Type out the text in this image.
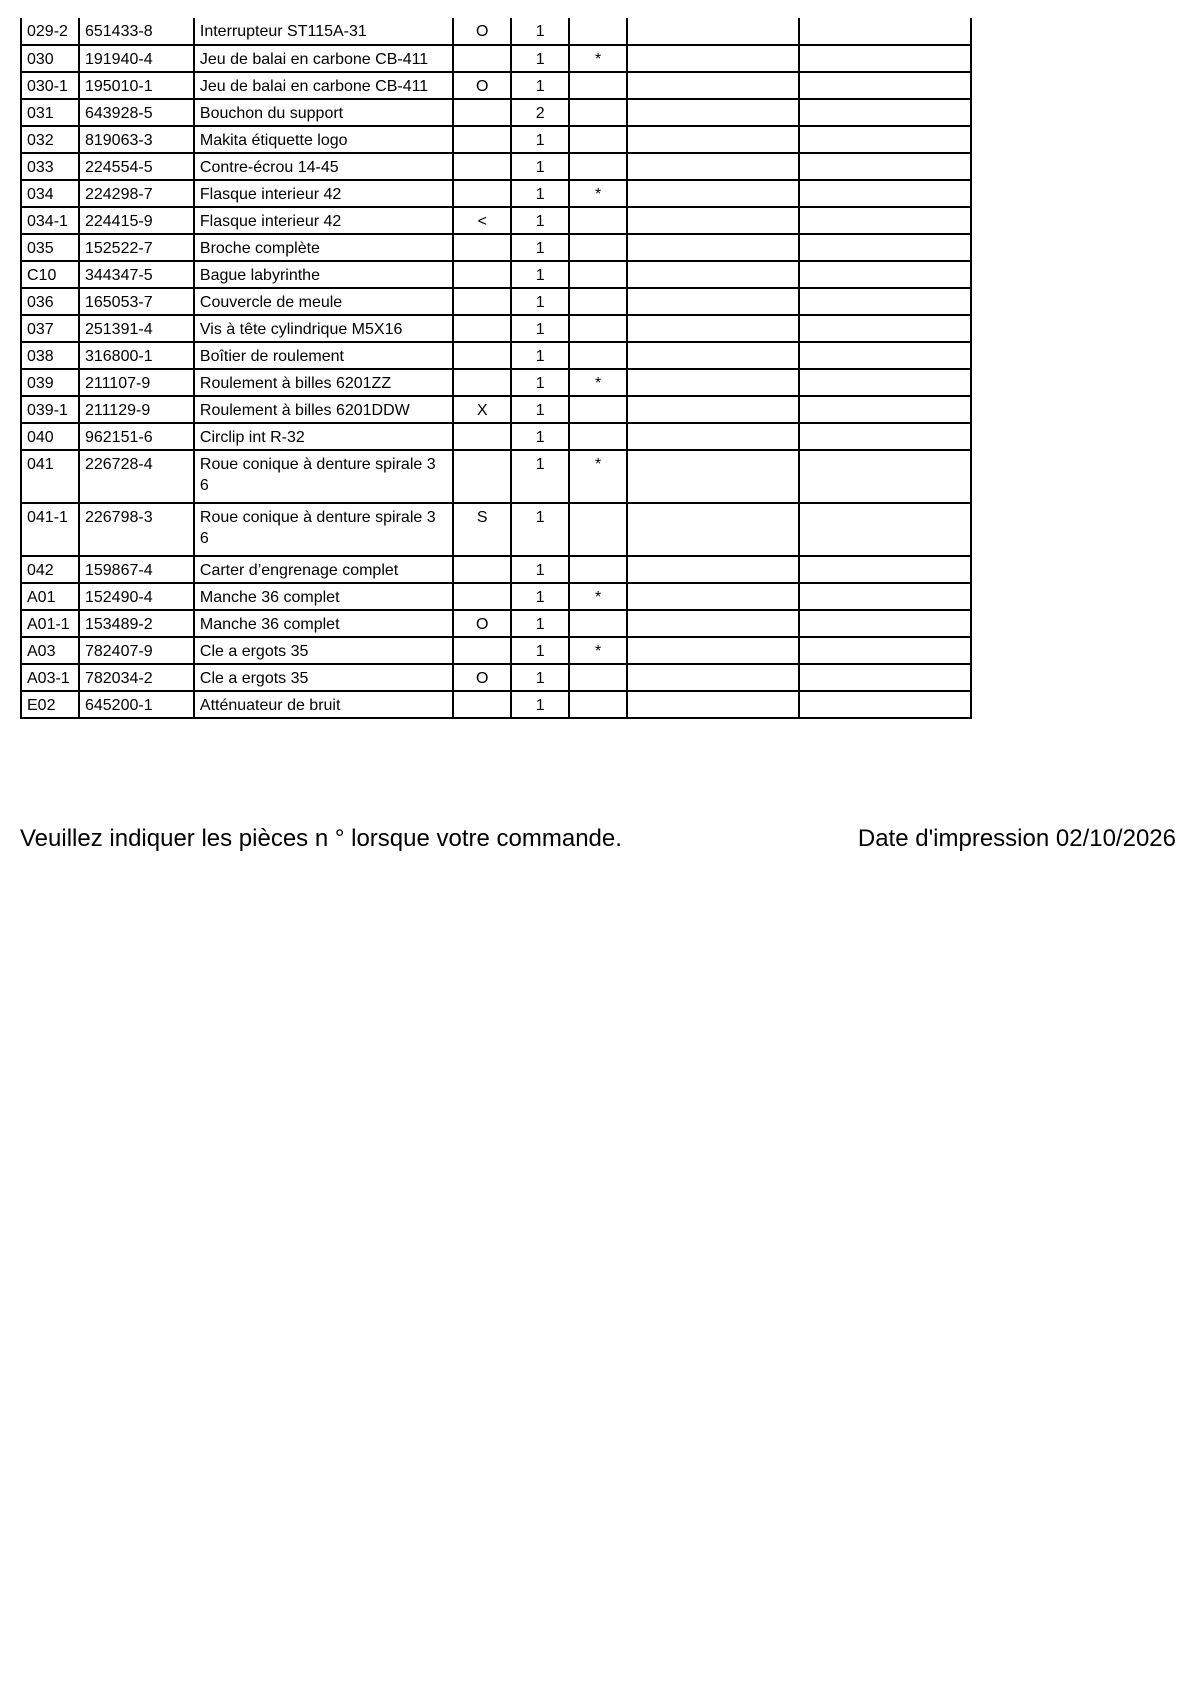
029-2	651433-8	Interrupteur ST115A-31	O	1			
030	191940-4	Jeu de balai en carbone CB-411		1	*		
030-1	195010-1	Jeu de balai en carbone CB-411	O	1			
031	643928-5	Bouchon du support		2			
032	819063-3	Makita étiquette logo		1			
033	224554-5	Contre-écrou 14-45		1			
034	224298-7	Flasque interieur 42		1	*		
034-1	224415-9	Flasque interieur 42	<	1			
035	152522-7	Broche complète		1			
C10	344347-5	Bague labyrinthe		1			
036	165053-7	Couvercle de meule		1			
037	251391-4	Vis à tête cylindrique M5X16		1			
038	316800-1	Boîtier de roulement		1			
039	211107-9	Roulement à billes 6201ZZ		1	*		
039-1	211129-9	Roulement à billes 6201DDW	X	1			
040	962151-6	Circlip int R-32		1			
041	226728-4	Roue conique à denture spirale 3 6		1	*		
041-1	226798-3	Roue conique à denture spirale 3 6	S	1			
042	159867-4	Carter d’engrenage complet		1			
A01	152490-4	Manche 36 complet		1	*		
A01-1	153489-2	Manche 36 complet	O	1			
A03	782407-9	Cle a ergots 35		1	*		
A03-1	782034-2	Cle a ergots 35	O	1			
E02	645200-1	Atténuateur de bruit		1			
Veuillez indiquer les pièces n ° lorsque votre commande.	Date d'impression 02/10/2026
